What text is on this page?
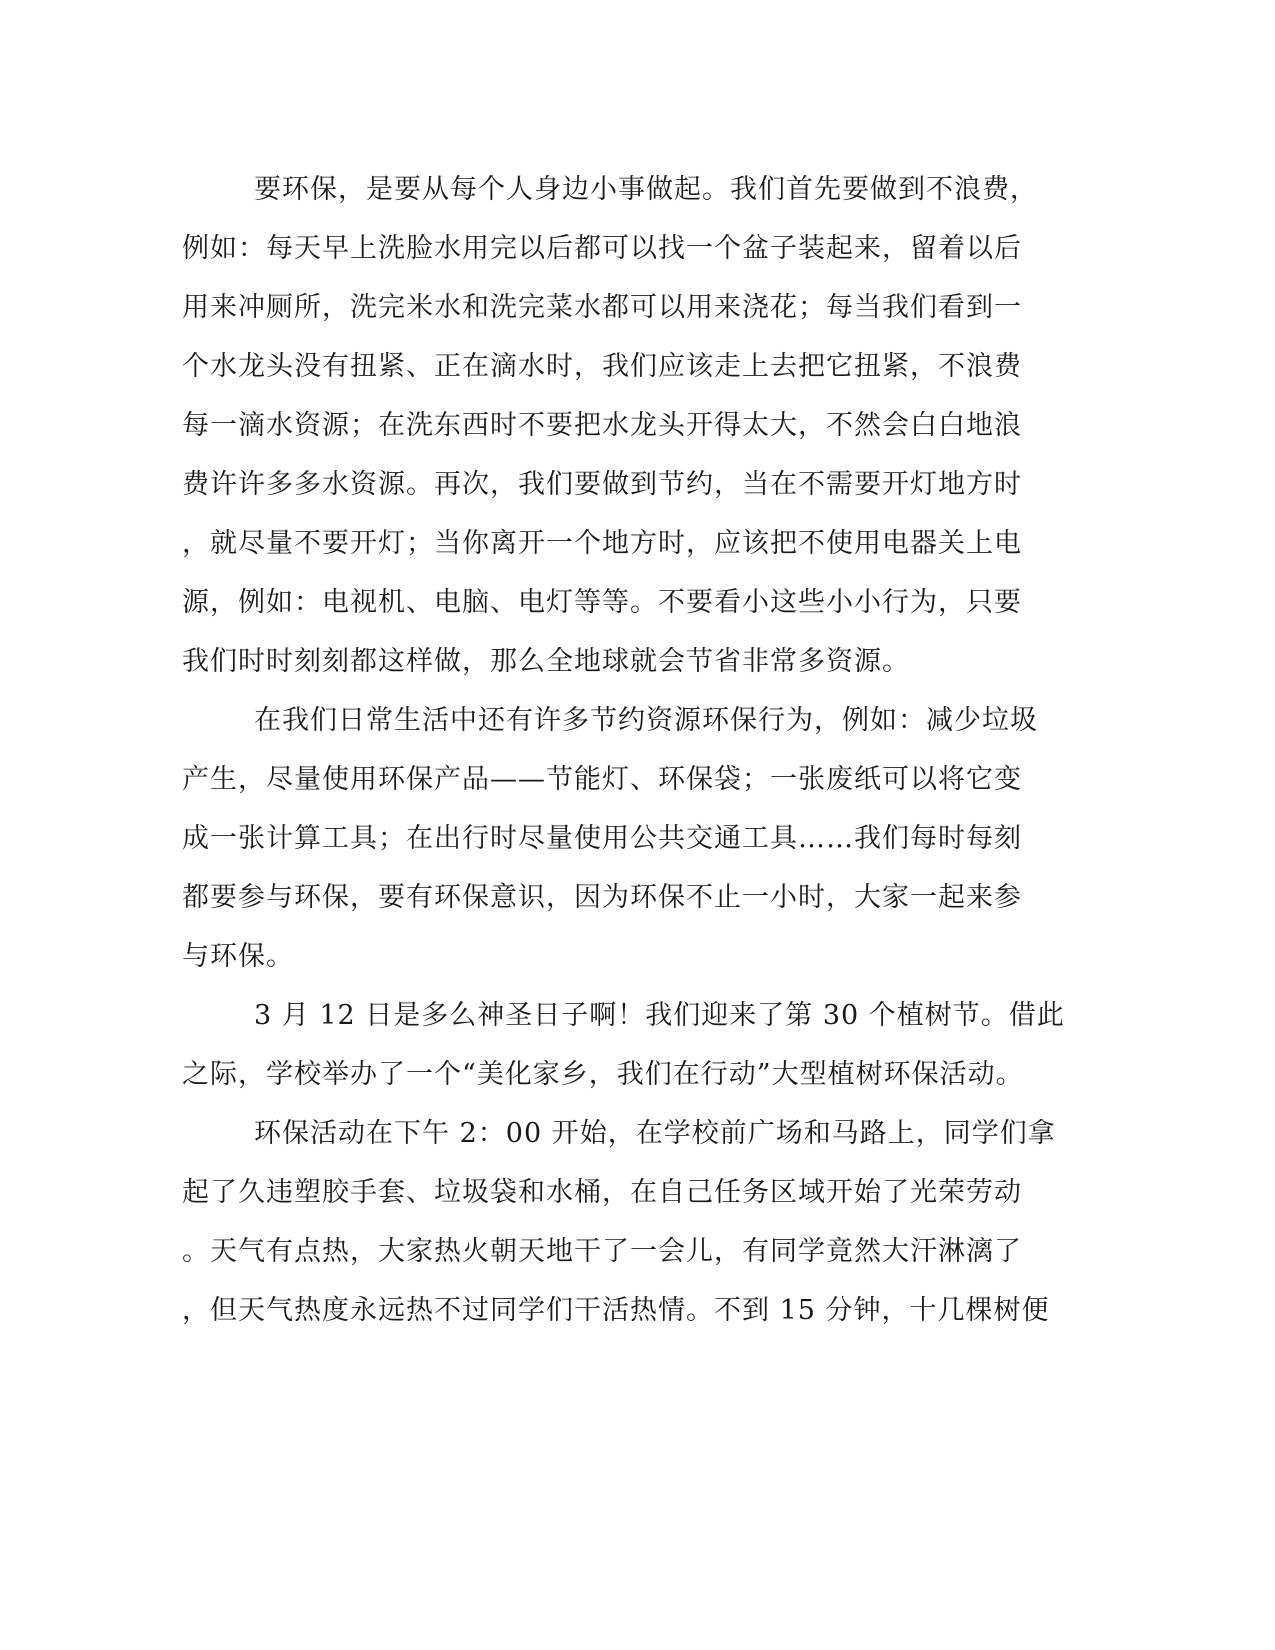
要环保，是要从每个人身边小事做起。我们首先要做到不浪费，
例如：每天早上洗脸水用完以后都可以找一个盆子装起来，留着以后
用来冲厕所，洗完米水和洗完菜水都可以用来浇花；每当我们看到一
个水龙头没有扭紧、正在滴水时，我们应该走上去把它扭紧，不浪费
每一滴水资源；在洗东西时不要把水龙头开得太大，不然会白白地浪
费许许多多水资源。再次，我们要做到节约，当在不需要开灯地方时
，就尽量不要开灯；当你离开一个地方时，应该把不使用电器关上电
源，例如：电视机、电脑、电灯等等。不要看小这些小小行为，只要
我们时时刻刻都这样做，那么全地球就会节省非常多资源。
在我们日常生活中还有许多节约资源环保行为，例如：减少垃圾
产生，尽量使用环保产品——节能灯、环保袋；一张废纸可以将它变
成一张计算工具；在出行时尽量使用公共交通工具……我们每时每刻
都要参与环保，要有环保意识，因为环保不止一小时，大家一起来参
与环保。
3 月 12 日是多么神圣日子啊！我们迎来了第 30 个植树节。借此
之际，学校举办了一个“美化家乡，我们在行动”大型植树环保活动。
环保活动在下午 2：00 开始，在学校前广场和马路上，同学们拿
起了久违塑胶手套、垃圾袋和水桶，在自己任务区域开始了光荣劳动
。天气有点热，大家热火朝天地干了一会儿，有同学竟然大汗淋漓了
，但天气热度永远热不过同学们干活热情。不到 15 分钟，十几棵树便
